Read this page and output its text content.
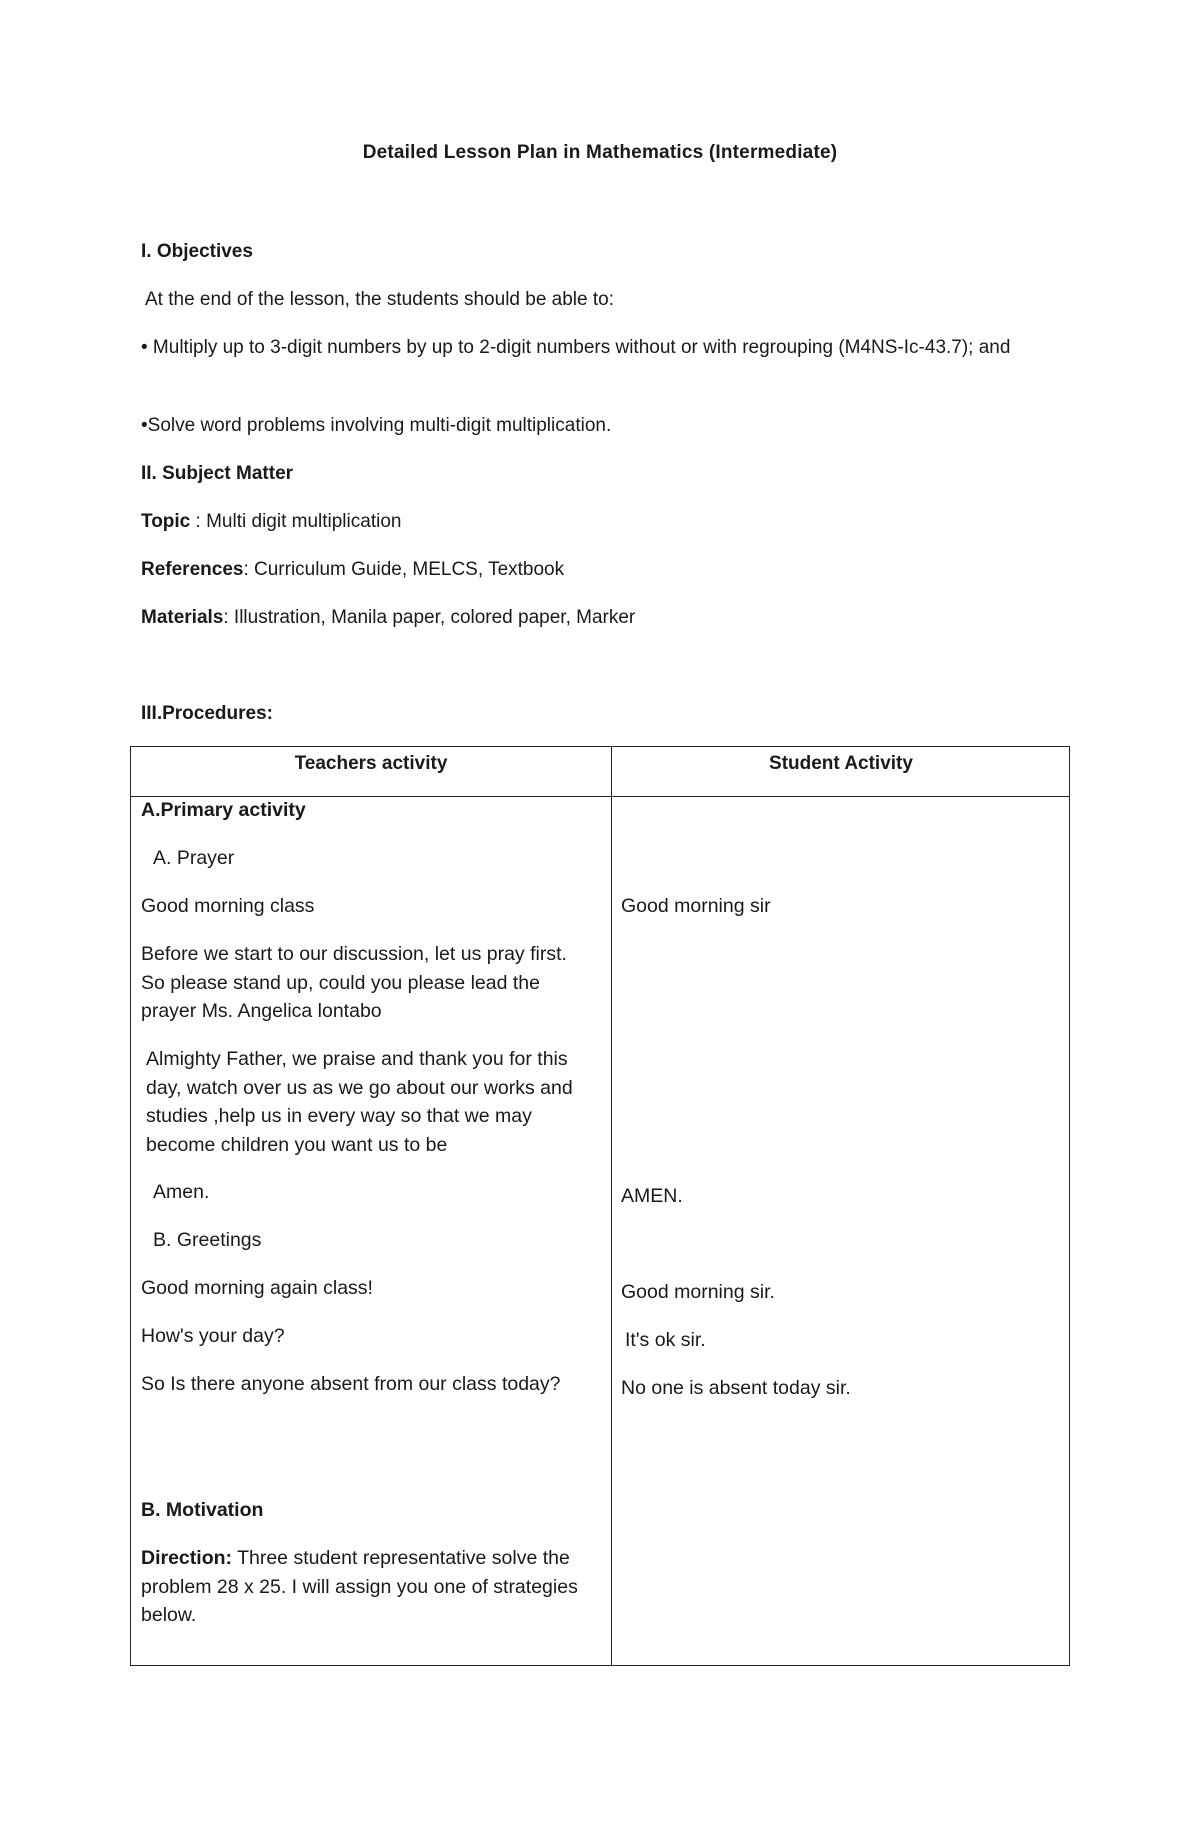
Detailed Lesson Plan in Mathematics (Intermediate)
I. Objectives
At the end of the lesson, the students should be able to:
• Multiply up to 3-digit numbers by up to 2-digit numbers without or with regrouping (M4NS-Ic-43.7); and
•Solve word problems involving multi-digit multiplication.
II. Subject Matter
Topic : Multi digit multiplication
References: Curriculum Guide, MELCS, Textbook
Materials: Illustration, Manila paper, colored paper, Marker
III.Procedures:
Teachers activity	Student Activity
A.Primary activity
A. Prayer
Good morning class	Good morning sir
Before we start to our discussion, let us pray first. So please stand up, could you please lead the prayer Ms. Angelica lontabo
Almighty Father, we praise and thank you for this day, watch over us as we go about our works and studies ,help us in every way so that we may become children you want us to be
Amen.	AMEN.
B. Greetings
Good morning again class!	Good morning sir.
How's your day?	It's ok sir.
So Is there anyone absent from our class today?	No one is absent today sir.
B. Motivation
Direction: Three student representative solve the problem 28 x 25. I will assign you one of strategies below.
